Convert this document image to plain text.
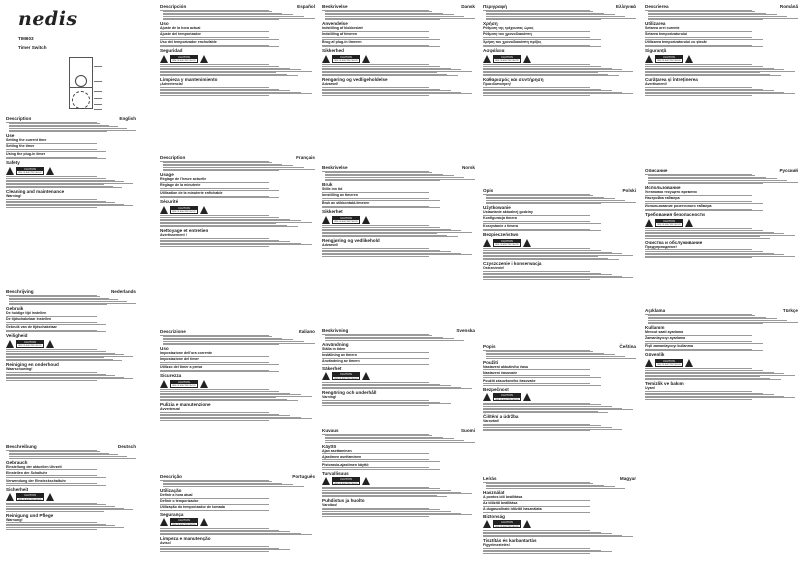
nedis
TIM603
Timer Switch
Description	English
Use
Setting the current time
Setting the timer
Using the plug-in timer
Safety
CAUTION
RISK OF ELECTRIC SHOCK
Cleaning and maintenance
Warning!
Beschrijving	Nederlands
Gebruik
De huidige tijd instellen
De tijdschakelaar instellen
Gebruik van de tijdschakelaar
Veiligheid
CAUTION
RISK OF ELECTRIC SHOCK
Reiniging en onderhoud
Waarschuwing!
Beschreibung	Deutsch
Gebrauch
Einstellung der aktuellen Uhrzeit
Einstellen der Schaltuhr
Verwendung der Einsteckschaltuhr
Sicherheit
CAUTION
RISK OF ELECTRIC SHOCK
Reinigung und Pflege
Warnung!
Descripción	Español
Uso
Ajuste de la hora actual
Ajuste del temporizador
Uso del temporizador enchufable
Seguridad
CAUTION
RISK OF ELECTRIC SHOCK
Limpieza y mantenimiento
¡Advertencia!
Description	Français
Usage
Réglage de l'heure actuelle
Réglage de la minuterie
Utilisation de la minuterie enfichable
Sécurité
CAUTION
RISK OF ELECTRIC SHOCK
Nettoyage et entretien
Avertissement !
Descrizione	Italiano
Uso
Impostazione dell'ora corrente
Impostazione del timer
Utilizzo del timer a presa
Sicurezza
CAUTION
RISK OF ELECTRIC SHOCK
Pulizia e manutenzione
Avvertenza!
Descrição	Português
Utilização
Definir a hora atual
Definir o temporizador
Utilização do temporizador de tomada
Segurança
CAUTION
RISK OF ELECTRIC SHOCK
Limpeza e manutenção
Aviso!
Beskrivelse	Dansk
Anvendelse
Indstilling af klokkeslæt
Indstilling af timeren
Brug af plug-in timeren
Sikkerhed
CAUTION
RISK OF ELECTRIC SHOCK
Rengøring og vedligeholdelse
Advarsel!
Beskrivelse	Norsk
Bruk
Stille inn tid
Innstilling av timeren
Bruk av stikkontakt-timeren
Sikkerhet
CAUTION
RISK OF ELECTRIC SHOCK
Rengjøring og vedlikehold
Advarsel!
Beskrivning	Svenska
Användning
Ställa in tiden
Inställning av timern
Användning av timern
Säkerhet
CAUTION
RISK OF ELECTRIC SHOCK
Rengöring och underhåll
Varning!
Kuvaus	Suomi
Käyttö
Ajan asettaminen
Ajastimen asettaminen
Pistorasia-ajastimen käyttö
Turvallisuus
CAUTION
RISK OF ELECTRIC SHOCK
Puhdistus ja huolto
Varoitus!
Περιγραφή	Ελληνικά
Χρήση
Ρύθμιση της τρέχουσας ώρας
Ρύθμιση του χρονοδιακόπτη
Χρήση του χρονοδιακόπτη πρίζας
Ασφάλεια
CAUTION
RISK OF ELECTRIC SHOCK
Καθαρισμός και συντήρηση
Προειδοποίηση!
Opis	Polski
Użytkowanie
Ustawianie aktualnej godziny
Konfiguracja timera
Korzystanie z timera
Bezpieczeństwo
CAUTION
RISK OF ELECTRIC SHOCK
Czyszczenie i konserwacja
Ostrzeżenie!
Popis	Čeština
Použití
Nastavení aktuálního času
Nastavení časovače
Použití zásuvkového časovače
Bezpečnost
CAUTION
RISK OF ELECTRIC SHOCK
Čištění a údržba
Varování!
Leírás	Magyar
Használat
A pontos idő beállítása
Az időzítő beállítása
A dugaszolható időzítő használata
Biztonság
CAUTION
RISK OF ELECTRIC SHOCK
Tisztítás és karbantartás
Figyelmeztetés!
Descrierea	Română
Utilizarea
Setarea orei curente
Setarea temporizatorului
Utilizarea temporizatorului cu ștecăr
Siguranță
CAUTION
RISK OF ELECTRIC SHOCK
Curățarea și întreținerea
Avertisment!
Описание	Русский
Использование
Установка текущего времени
Настройка таймера
Использование розеточного таймера
Требования безопасности
CAUTION
RISK OF ELECTRIC SHOCK
Очистка и обслуживание
Предупреждение!
Açıklama	Türkçe
Kullanım
Mevcut saati ayarlama
Zamanlayıcıyı ayarlama
Fişli zamanlayıcıyı kullanma
Güvenlik
CAUTION
RISK OF ELECTRIC SHOCK
Temizlik ve bakım
Uyarı!
